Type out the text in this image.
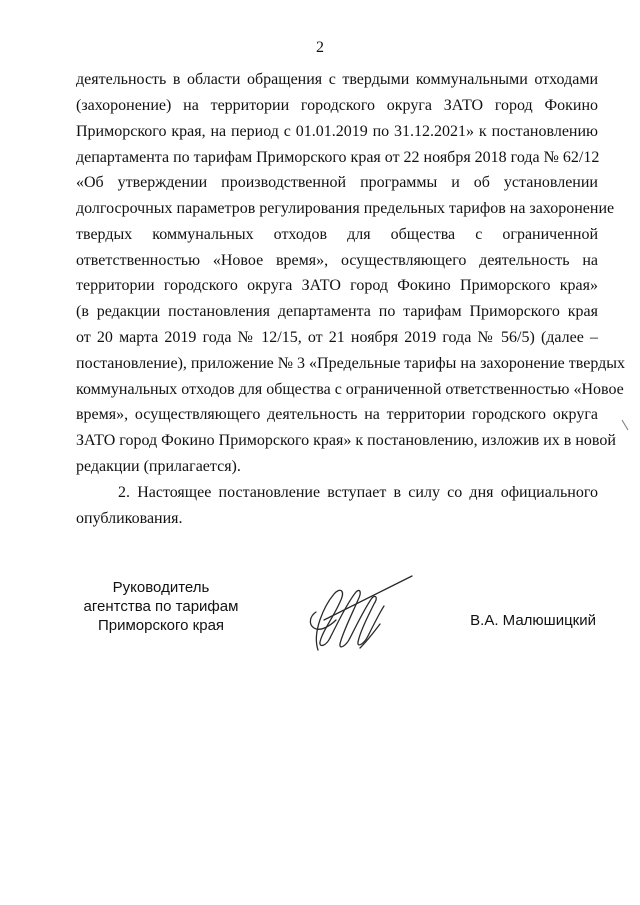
2
деятельность в области обращения с твердыми коммунальными отходами
(захоронение) на территории городского округа ЗАТО город Фокино
Приморского края, на период с 01.01.2019 по 31.12.2021» к постановлению
департамента по тарифам Приморского края от 22 ноября 2018 года № 62/12
«Об утверждении производственной программы и об установлении
долгосрочных параметров регулирования предельных тарифов на захоронение
твердых коммунальных отходов для общества с ограниченной
ответственностью «Новое время», осуществляющего деятельность на
территории городского округа ЗАТО город Фокино Приморского края»
(в редакции постановления департамента по тарифам Приморского края
от 20 марта 2019 года № 12/15, от 21 ноября 2019 года № 56/5) (далее –
постановление), приложение № 3 «Предельные тарифы на захоронение твердых
коммунальных отходов для общества с ограниченной ответственностью «Новое
время», осуществляющего деятельность на территории городского округа
ЗАТО город Фокино Приморского края» к постановлению, изложив их в новой
редакции (прилагается).
2. Настоящее постановление вступает в силу со дня официального
опубликования.
Руководитель
агентства по тарифам
Приморского края	В.А. Малюшицкий
